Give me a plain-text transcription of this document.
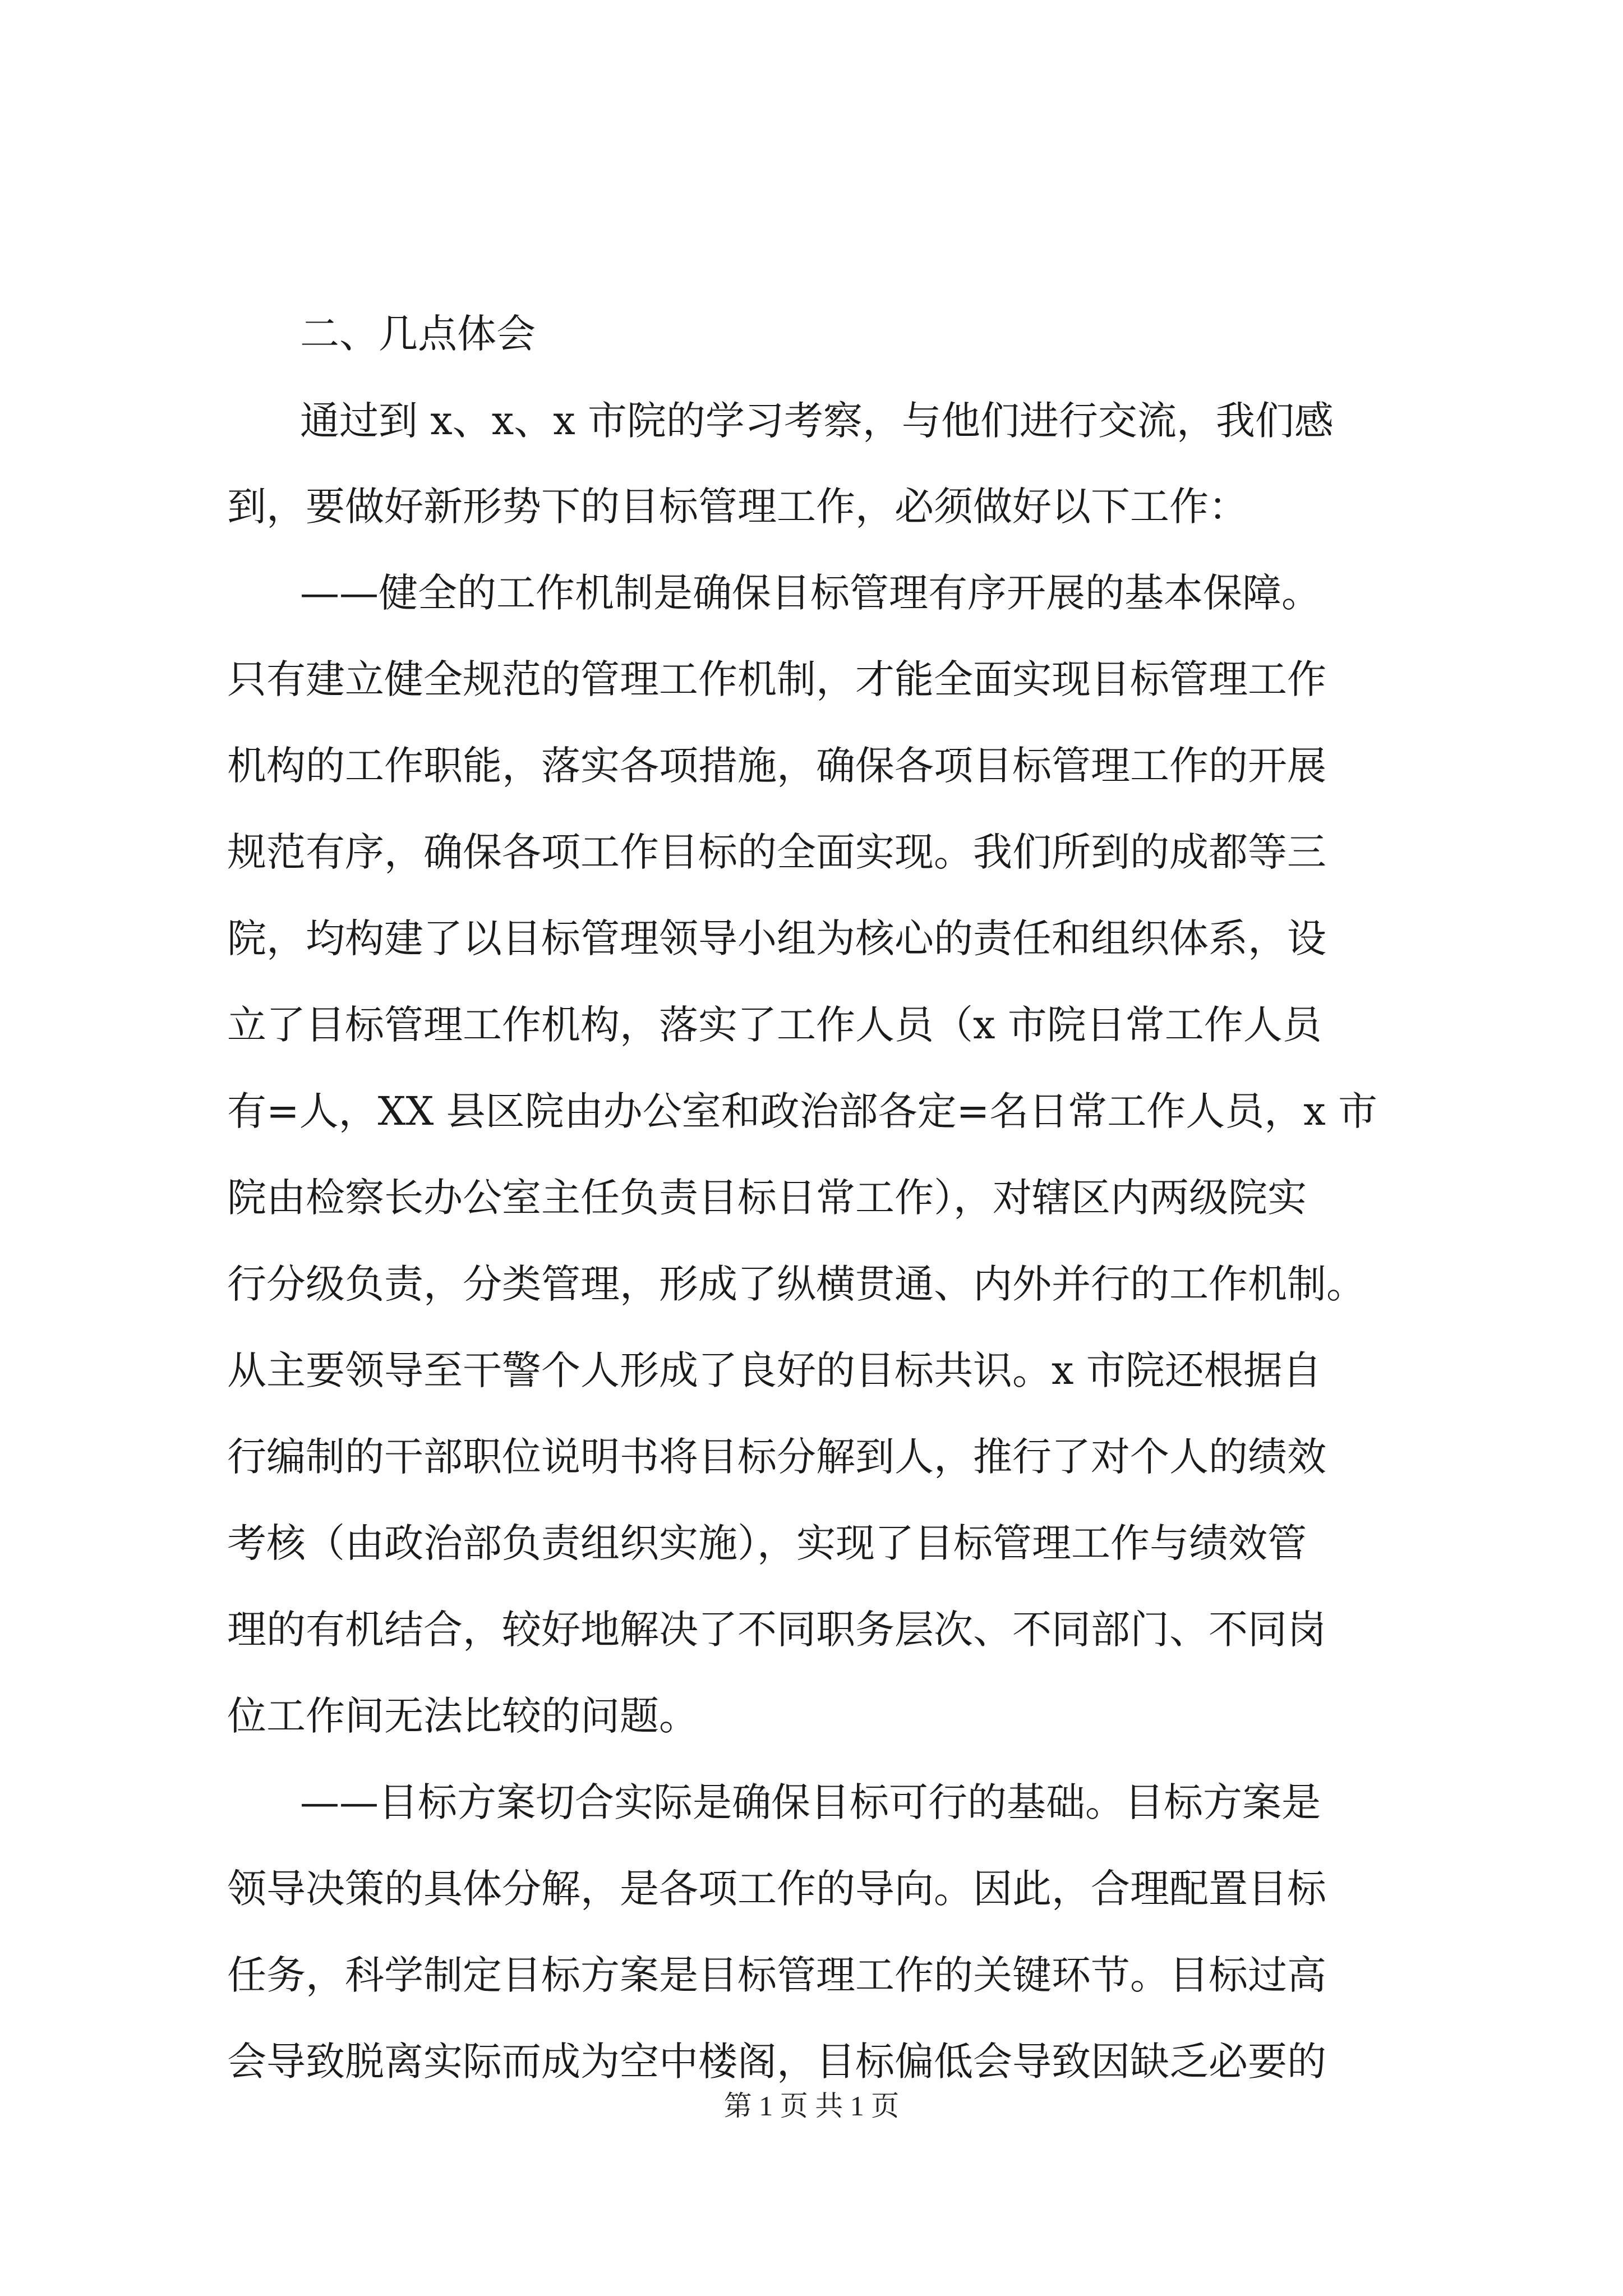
二、几点体会
通过到 x、x、x 市院的学习考察，与他们进行交流，我们感
到，要做好新形势下的目标管理工作，必须做好以下工作：
——健全的工作机制是确保目标管理有序开展的基本保障。
只有建立健全规范的管理工作机制，才能全面实现目标管理工作
机构的工作职能，落实各项措施，确保各项目标管理工作的开展
规范有序，确保各项工作目标的全面实现。我们所到的成都等三
院，均构建了以目标管理领导小组为核心的责任和组织体系，设
立了目标管理工作机构，落实了工作人员（x 市院日常工作人员
有=人，XX 县区院由办公室和政治部各定=名日常工作人员，x 市
院由检察长办公室主任负责目标日常工作），对辖区内两级院实
行分级负责，分类管理，形成了纵横贯通、内外并行的工作机制。
从主要领导至干警个人形成了良好的目标共识。x 市院还根据自
行编制的干部职位说明书将目标分解到人，推行了对个人的绩效
考核（由政治部负责组织实施），实现了目标管理工作与绩效管
理的有机结合，较好地解决了不同职务层次、不同部门、不同岗
位工作间无法比较的问题。
——目标方案切合实际是确保目标可行的基础。目标方案是
领导决策的具体分解，是各项工作的导向。因此，合理配置目标
任务，科学制定目标方案是目标管理工作的关键环节。目标过高
会导致脱离实际而成为空中楼阁，目标偏低会导致因缺乏必要的
第 1 页 共 1 页
